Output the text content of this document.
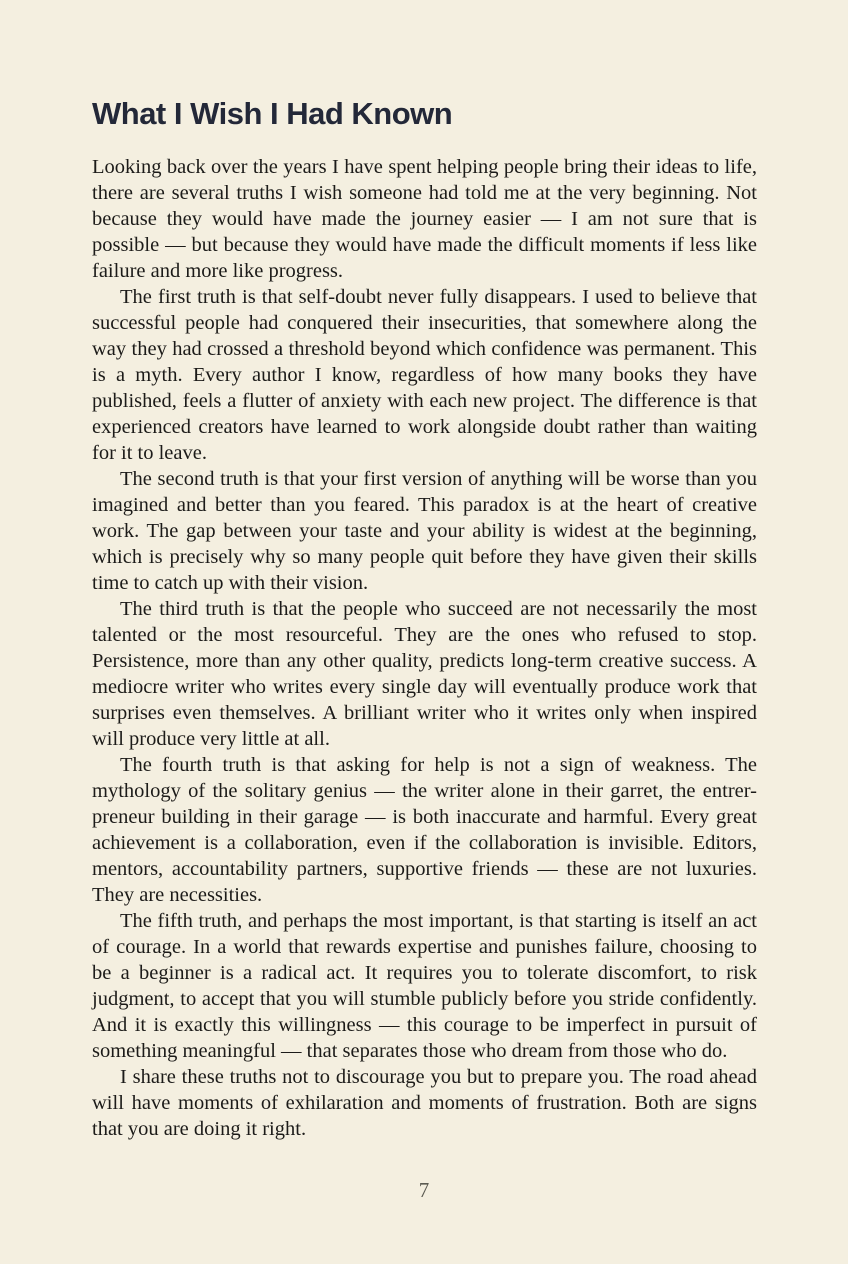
What I Wish I Had Known

Looking back over the years I have spent helping people bring their ideas to life, there are several truths I wish someone had told me at the very beginning. Not because they would have made the journey easier — I am not sure that is possible — but because they would have made the difficult moments if less like failure and more like progress.

The first truth is that self-doubt never fully disappears. I used to believe that successful people had conquered their insecurities, that somewhere along the way they had crossed a threshold beyond which confidence was permanent. This is a myth. Every author I know, regardless of how many books they have published, feels a flutter of anxiety with each new project. The difference is that experienced creators have learned to work alongside doubt rather than waiting for it to leave.

The second truth is that your first version of anything will be worse than you imagined and better than you feared. This paradox is at the heart of creative work. The gap between your taste and your ability is widest at the beginning, which is precisely why so many people quit before they have given their skills time to catch up with their vision.

The third truth is that the people who succeed are not necessarily the most talented or the most resourceful. They are the ones who refused to stop. Persistence, more than any other quality, predicts long-term creative success. A mediocre writer who writes every single day will eventually produce work that surprises even themselves. A brilliant writer who it writes only when inspired will produce very little at all.

The fourth truth is that asking for help is not a sign of weakness. The mythology of the solitary genius — the writer alone in their garret, the entrer-preneur building in their garage — is both inaccurate and harmful. Every great achievement is a collaboration, even if the collaboration is invisible. Editors, mentors, accountability partners, supportive friends — these are not luxuries. They are necessities.

The fifth truth, and perhaps the most important, is that starting is itself an act of courage. In a world that rewards expertise and punishes failure, choosing to be a beginner is a radical act. It requires you to tolerate discomfort, to risk judgment, to accept that you will stumble publicly before you stride confidently. And it is exactly this willingness — this courage to be imperfect in pursuit of something meaningful — that separates those who dream from those who do.

I share these truths not to discourage you but to prepare you. The road ahead will have moments of exhilaration and moments of frustration. Both are signs that you are doing it right.

7
